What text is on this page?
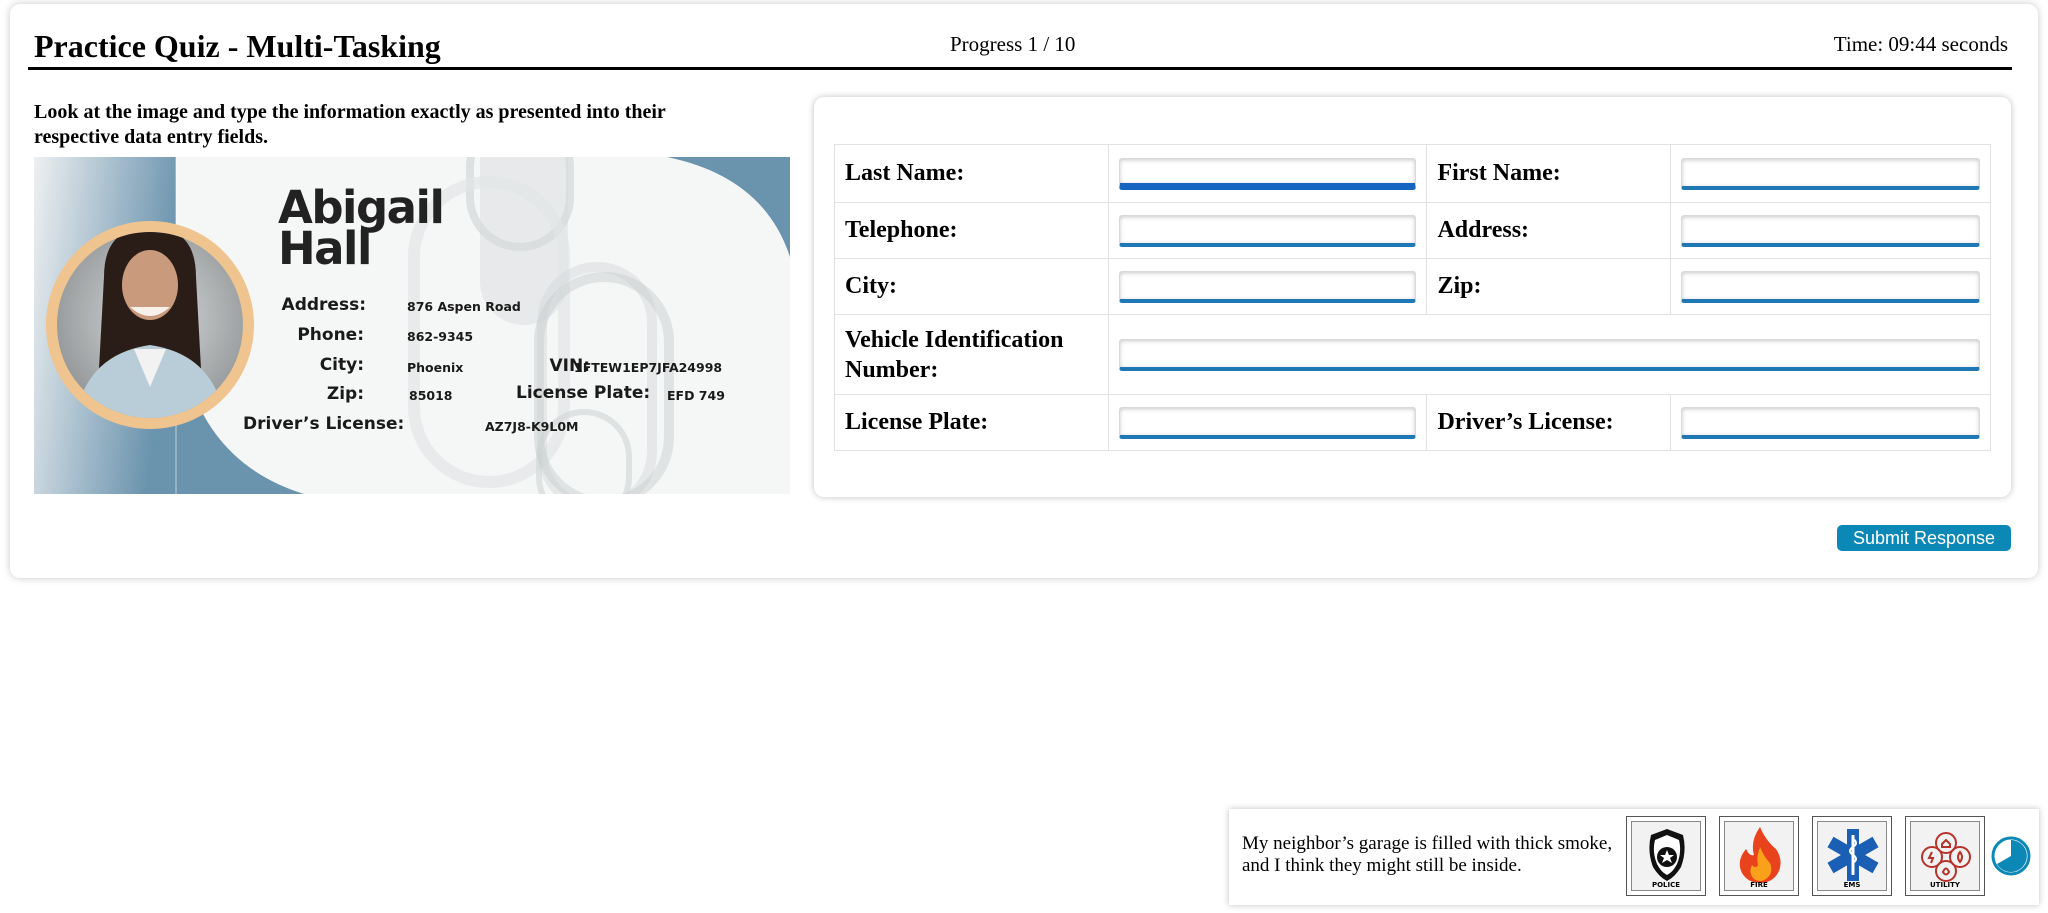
Practice Quiz - Multi-Tasking	Progress 1 / 10	Time: 09:44 seconds
Look at the image and type the information exactly as presented into their respective data entry fields.
Abigail
Hall
Address:	876 Aspen Road
Phone:	862-9345
City:	Phoenix
Zip:	85018
VIN:
1FTEW1EP7JFA24998
License Plate:	EFD 749
Driver’s License:	AZ7J8-K9L0M
Last Name:		First Name:	

Telephone:		Address:	

City:		Zip:	

Vehicle Identification Number:	

License Plate:		Driver’s License:	
Submit Response
My neighbor’s garage is filled with thick smoke, and I think they might still be inside.
POLICE	FIRE	EMS	UTILITY
